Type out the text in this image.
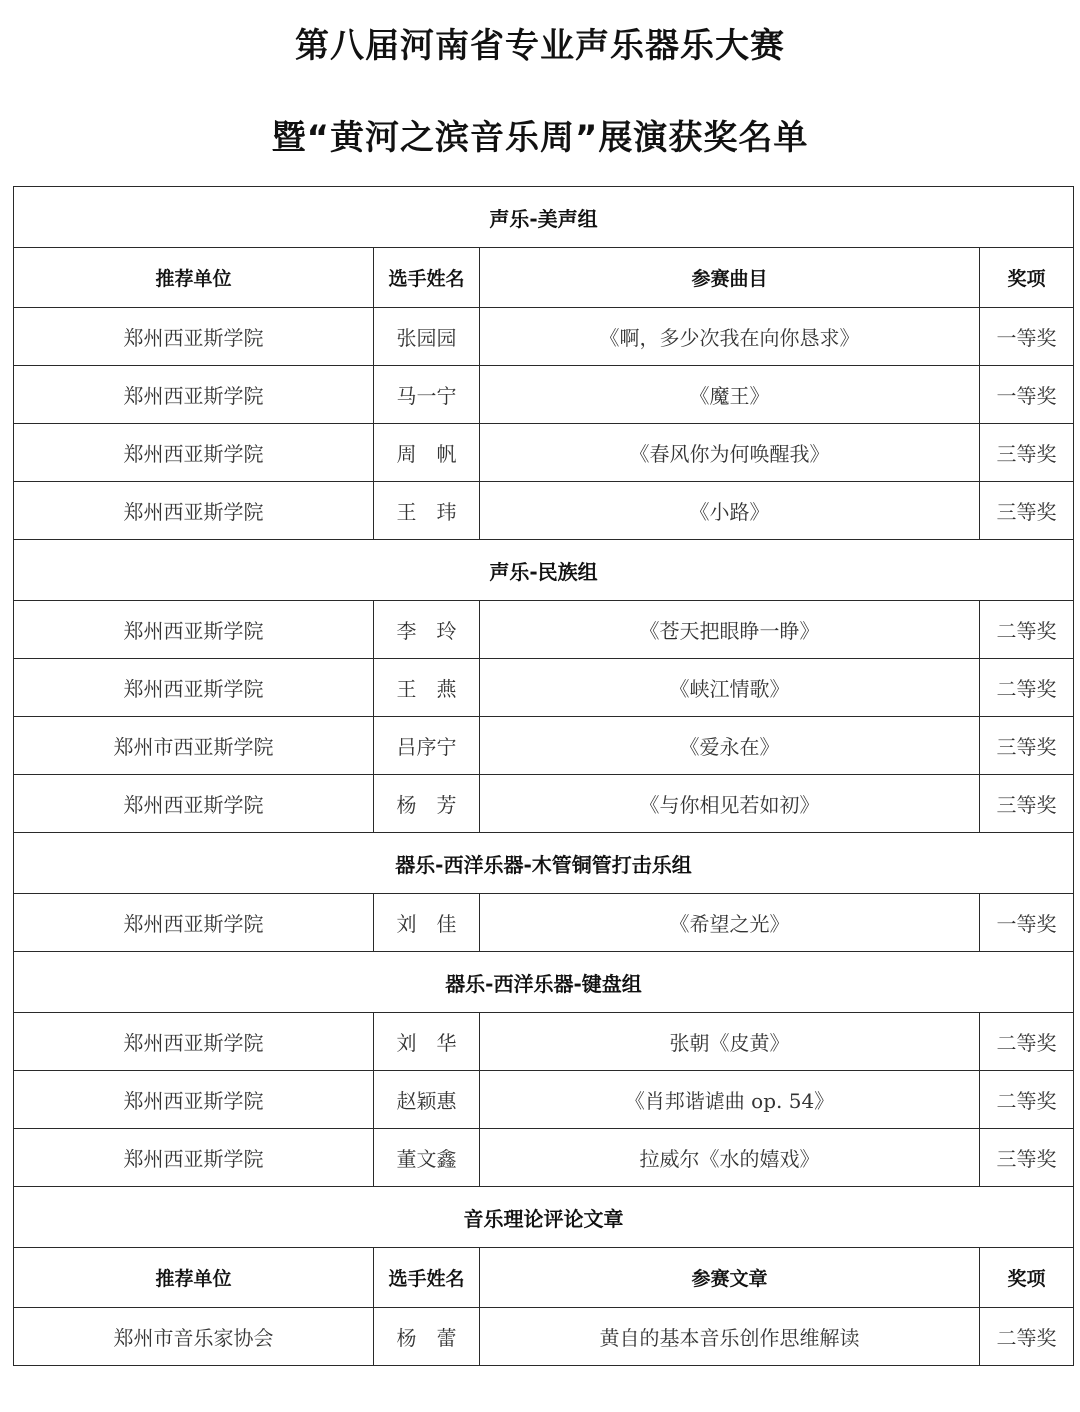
第八届河南省专业声乐器乐大赛
暨“黄河之滨音乐周”展演获奖名单
声乐-美声组			
推荐单位	选手姓名	参赛曲目	奖项
郑州西亚斯学院	张园园	《啊，多少次我在向你恳求》	一等奖
郑州西亚斯学院	马一宁	《魔王》	一等奖
郑州西亚斯学院	周　帆	《春风你为何唤醒我》	三等奖
郑州西亚斯学院	王　玮	《小路》	三等奖
声乐-民族组			
郑州西亚斯学院	李　玲	《苍天把眼睁一睁》	二等奖
郑州西亚斯学院	王　燕	《峡江情歌》	二等奖
郑州市西亚斯学院	吕序宁	《爱永在》	三等奖
郑州西亚斯学院	杨　芳	《与你相见若如初》	三等奖
器乐-西洋乐器-木管铜管打击乐组			
郑州西亚斯学院	刘　佳	《希望之光》	一等奖
器乐-西洋乐器-键盘组			
郑州西亚斯学院	刘　华	张朝《皮黄》	二等奖
郑州西亚斯学院	赵颖惠	《肖邦谐谑曲 op. 54》	二等奖
郑州西亚斯学院	董文鑫	拉威尔《水的嬉戏》	三等奖
音乐理论评论文章			
推荐单位	选手姓名	参赛文章	奖项
郑州市音乐家协会	杨　蕾	黄自的基本音乐创作思维解读	二等奖
